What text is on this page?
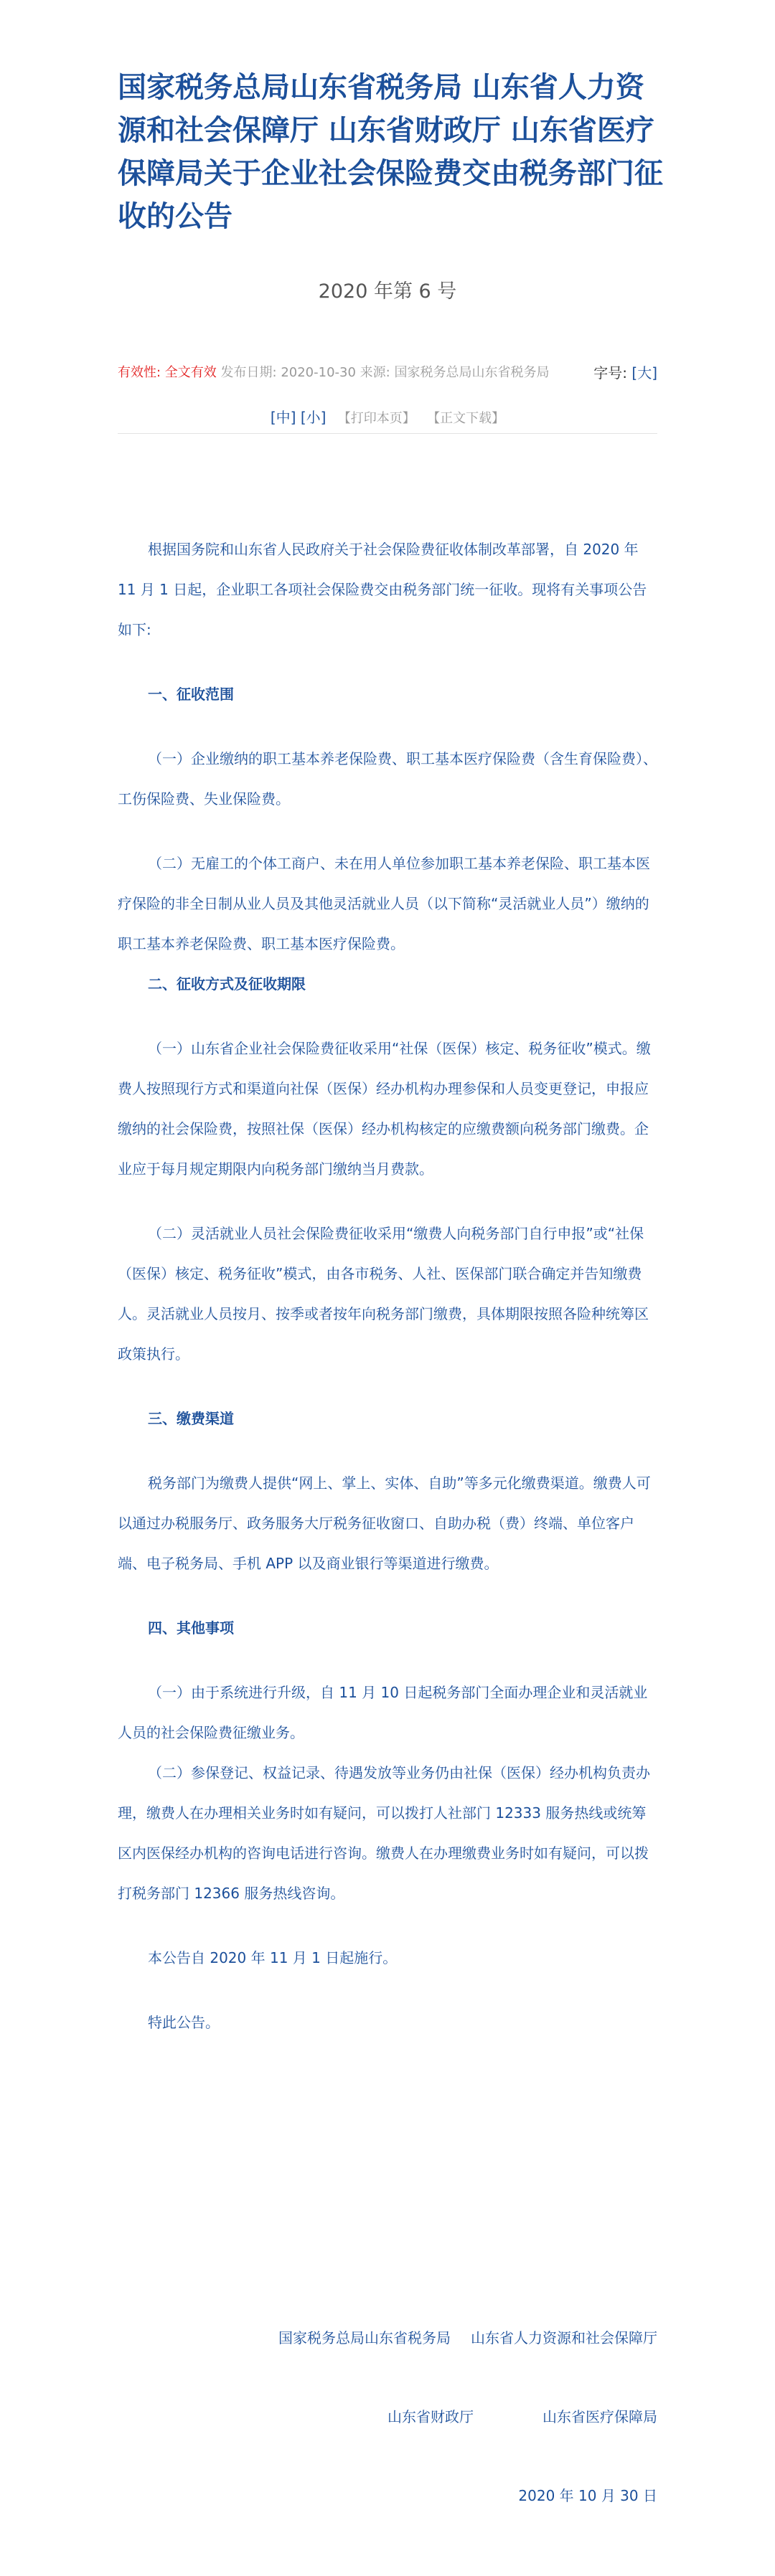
国家税务总局山东省税务局 山东省人力资源和社会保障厅 山东省财政厅 山东省医疗保障局关于企业社会保险费交由税务部门征收的公告
2020 年第 6 号
有效性: 全文有效 发布日期: 2020-10-30 来源: 国家税务总局山东省税务局	字号: [大]
[中] [小] 【打印本页】 【正文下载】

根据国务院和山东省人民政府关于社会保险费征收体制改革部署，自 2020 年 11 月 1 日起，企业职工各项社会保险费交由税务部门统一征收。现将有关事项公告如下:

一、征收范围

（一）企业缴纳的职工基本养老保险费、职工基本医疗保险费（含生育保险费）、工伤保险费、失业保险费。

（二）无雇工的个体工商户、未在用人单位参加职工基本养老保险、职工基本医疗保险的非全日制从业人员及其他灵活就业人员（以下简称“灵活就业人员”）缴纳的职工基本养老保险费、职工基本医疗保险费。

二、征收方式及征收期限

（一）山东省企业社会保险费征收采用“社保（医保）核定、税务征收”模式。缴费人按照现行方式和渠道向社保（医保）经办机构办理参保和人员变更登记，申报应缴纳的社会保险费，按照社保（医保）经办机构核定的应缴费额向税务部门缴费。企业应于每月规定期限内向税务部门缴纳当月费款。

（二）灵活就业人员社会保险费征收采用“缴费人向税务部门自行申报”或“社保（医保）核定、税务征收”模式，由各市税务、人社、医保部门联合确定并告知缴费人。灵活就业人员按月、按季或者按年向税务部门缴费，具体期限按照各险种统筹区政策执行。

三、缴费渠道

税务部门为缴费人提供“网上、掌上、实体、自助”等多元化缴费渠道。缴费人可以通过办税服务厅、政务服务大厅税务征收窗口、自助办税（费）终端、单位客户端、电子税务局、手机 APP 以及商业银行等渠道进行缴费。

四、其他事项

（一）由于系统进行升级，自 11 月 10 日起税务部门全面办理企业和灵活就业人员的社会保险费征缴业务。

（二）参保登记、权益记录、待遇发放等业务仍由社保（医保）经办机构负责办理，缴费人在办理相关业务时如有疑问，可以拨打人社部门 12333 服务热线或统筹区内医保经办机构的咨询电话进行咨询。缴费人在办理缴费业务时如有疑问，可以拨打税务部门 12366 服务热线咨询。

本公告自 2020 年 11 月 1 日起施行。

特此公告。

国家税务总局山东省税务局 山东省人力资源和社会保障厅

山东省财政厅	山东省医疗保障局

2020 年 10 月 30 日
